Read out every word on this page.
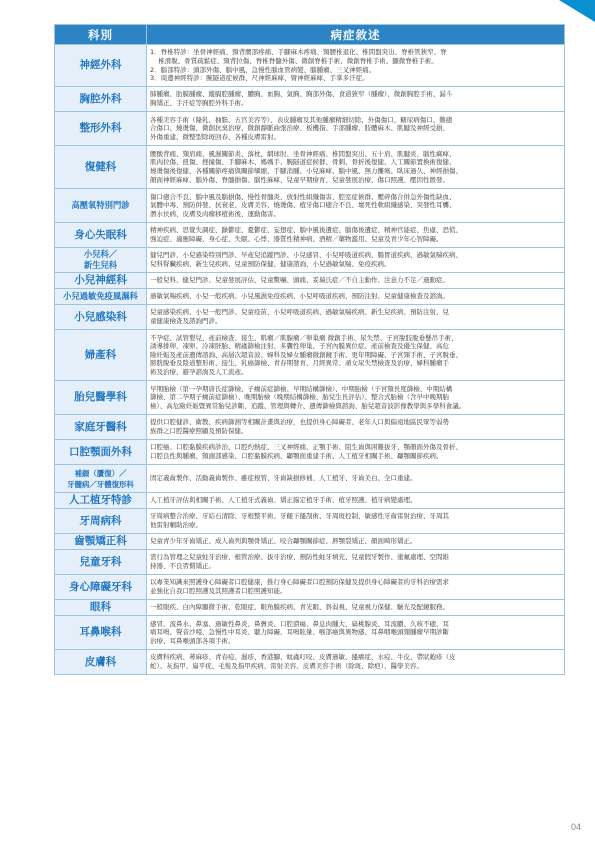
科別	病症敘述

神經外科	1．脊椎特診：坐骨神經痛、頸背腰部疼痛、手腳麻木疼痛、頸腰椎退化、椎間盤突出、脊椎管狹窄、脊
椎滑脫、骨質疏鬆症、頸背拉傷、脊椎脊髓外傷、微創脊椎手術、微創脊椎手術、顯微脊椎手術。
2．腦部特診：頭部外傷、腦中風、急慢性腦血管病變、腦腫瘤、三叉神經痛。
3．周邊神經特診：腕隧道症候群、尺神經麻痺、臂神經麻痺、手掌多汗症。

胸腔外科	肺腫瘤、肋膜腫瘤、縱膈腔腫瘤、膿胸、血胸、氣胸、胸部外傷、食道狹窄（腫瘤）、微創胸腔手術、漏斗
胸矯正、手汗症等胸腔外科手術。

整形外科	各種美容手術（隆乳、抽脂、五官美容等）、表皮腫瘤及其他腫瘤精細切除、外傷傷口、糖尿病傷口、難癒
合傷口、燒燙傷、微創抗臭治療、微創靜脈曲張治療、板機指、手部腫瘤、肢體麻木、肌腱及神經受損、
外傷重建、微整型除斑回春、各種皮膚雷射。

復健科	腰酸背痛、頸肩痛、風濕關節炎、落枕、網球肘、坐骨神經痛、椎間盤突出、五十肩、肌腱炎、腦性痲痺、
肌肉拉傷、扭傷、挫撞傷、手腳麻木、媽媽手、腕隧道症候群、骨刺、骨折後復健、人工關節置換術復健、
燒燙傷後復健、各種關節疼痛與關節攣縮、手腳消腫、小兒麻痺、腦中風、無力攤瘓、臥床過久、神經損傷、
顏面神經麻痺、腦外傷、脊髓損傷、腦性麻痺、兒童早期療育、兒童發展治療、傷口照護、壓因性骰發。

高壓氧特別門診	傷口癒合不良、腦中風及腦損傷、慢性骨髓炎、放射性組織傷害、腔室症候群、壓碎傷合併急外傷性缺血、
氣體中毒、預防併發、抗衰老、皮膚美容、燒燙傷、植牙傷口癒合不良、壞死性軟組織感染、突發性耳聾、
潛水伕病、皮膚及肉瘤移植術後、運動傷害。

身心失眠科	精神疾病、思覺失調症、躁鬱症、憂鬱症、妄想症、腦中風後遺症、腦傷後遺症、精神官能症、焦慮、恐慌、
強迫症、適應障礙、身心症、失眠、心悸、器質性精神病、酒精／藥物濫用、兒童及青少年心智障礙。

小兒科／
新生兒科	健兒門診、小兒感染特別門診、早產兒追蹤門診、小兒感冒、小兒呼吸道疾病、腸胃道疾病、過敏氣喘疾病、
兒科腎臟疾病、新生兒疾病、兒童預防保健、健康諮詢、小兒過敏氣喘、免疫疾病。

小兒神經科	一般兒科、健兒門診、兒童發展評估、兒童驚嚇、頭痛、妥瑞氏症／不自主動作、注意力不足／過動症。

小兒過敏免疫風濕科	過敏氣喘疾病、小兒一般疾病、小兒風濕免疫疾病、小兒呼吸道疾病、預防注射、兒童健康檢查及諮詢。

小兒感染科	兒童感染疾病、小兒一般門診、兒童疫苗、小兒呼吸道疾病、過敏氣喘疾病、新生兒疾病、預防注射、兒
童健康檢查及諮詢門診。

婦產科	不孕症、試管嬰兒、產前檢查、接生、肌瘤／肌腺瘤／卵巢瘤 微創手術、尿失禁、子宮脫肢脫垂懸吊手術、
誘導排卵、凍卵、冷凍胚胎、精蟲篩檢注射、多囊性卵巢、子宮內膜異位症、產前檢查及優生保健、高危
險妊娠及產前遺傳諮詢、高層次超音波、婦科及婦女腫瘤微創鏡手術、更年期障礙、子宮頸手術、子宮脫垂、
膀胱脫垂及陰道整形術、接生、乳癌篩檢、青春期發育、月經異常、頑女尿失禁檢查及治療、婦科腫瘤手
術及治療、避孕諮詢及人工流產。

胎兒醫學科	早期胎檢（第一孕期唐氏症篩檢、子癇前症篩檢、早期結構篩檢）、中期胎檢（子宮頸長度篩檢、中期結構
篩檢、第二孕期子癇前症篩檢）、晚期胎檢（晚期結構篩檢、胎兒生長評估）、整合式胎檢（含早中晚期胎
檢）、高危險妊娠暨異常胎兒診斷、追蹤、管理與轉介、遺傳篩檢與諮詢、胎兒超音波影像教學與多學科會議。

家庭牙醫科	提供口腔健診、衛教、疾病篩測等相關計畫與治療，也提供身心障礙者、老年人口與偏遠地區民眾等弱勢
族群之口腔醫療照顧及預防保健。

口腔顎面外科	口腔癌、口腔黏膜疾病診治、口腔灼熱症、三叉神經痛、正顎手術、阻生齒與困難拔牙、顎顏面外傷及骨折、
口腔良性與腫瘤、頸頭部感染、口腔黏膜疾病、顳顎面重建手術、人工植牙相關手術、顳顎關節疾病。

補綴（贗復）／
牙髓病／牙體復形科	固定義齒製作、活動義齒製作、雖症根管、牙齒缺損修補、人工植牙、牙齒美白、全口重建。

人工植牙特診	人工植牙評估與相關手術、人工植牙式義齒、矯正錨定植牙手術、植牙照護、植牙病變處理。

牙周病科	牙周病整合治療、牙結石清除、牙根整平術、牙齦下搔刮術、牙周斑控制、敏感性牙齒雷射治療、牙周其
他雷射輔助治療。

齒顎矯正科	兒童青少年牙齒矯正、成人齒列與顎骨矯正、咬合顳顎關節症、唇顎裂矯正、顏面畸形矯正。

兒童牙科	需行為管理之兒童蛀牙治療、根管治療、拔牙治療、預防性蛀牙填充、兒童假牙製作、塗氟處理、空間維
持器、不良習慣矯正。

身心障礙牙科	以專業知識來照護身心障礙者口腔健康，推行身心障礙者口腔預防保健及提供身心障礙者的牙科治療需求
並強化自我口腔照護及其照護者口腔照護知能。

眼科	一般眼疾、白內障顯微手術、乾眼症、眼角膜疾病、青光眼、斜弱視、兒童視力保健、驗光及配鏡服務。

耳鼻喉科	感冒、流鼻水、鼻塞、過敏性鼻炎、鼻竇炎、口腔潰瘍、鼻息肉腫大、扁桃腺炎、耳流膿、久咳不癒、耳
痛耳鳴、聲音沙啞、急慢性中耳炎、聽力障礙、耳鳴眩暈、喉部癌與異物感、耳鼻咽喉頭頸腫瘤早期診斷
治療、耳鼻喉頭部各項手術。

皮膚科	皮膚科疾病、蕁麻疹、青春痘、濕疹、香港腳、蚊蟲叮咬、皮膚過敏、搔癢症、水痘、牛皮、帶狀皰疹（皮
蛇）、灰指甲、扁平疣、毛髮及指甲疾病、雷射美容、皮膚美容手術（除斑、除疤）、醫學美容。
04
